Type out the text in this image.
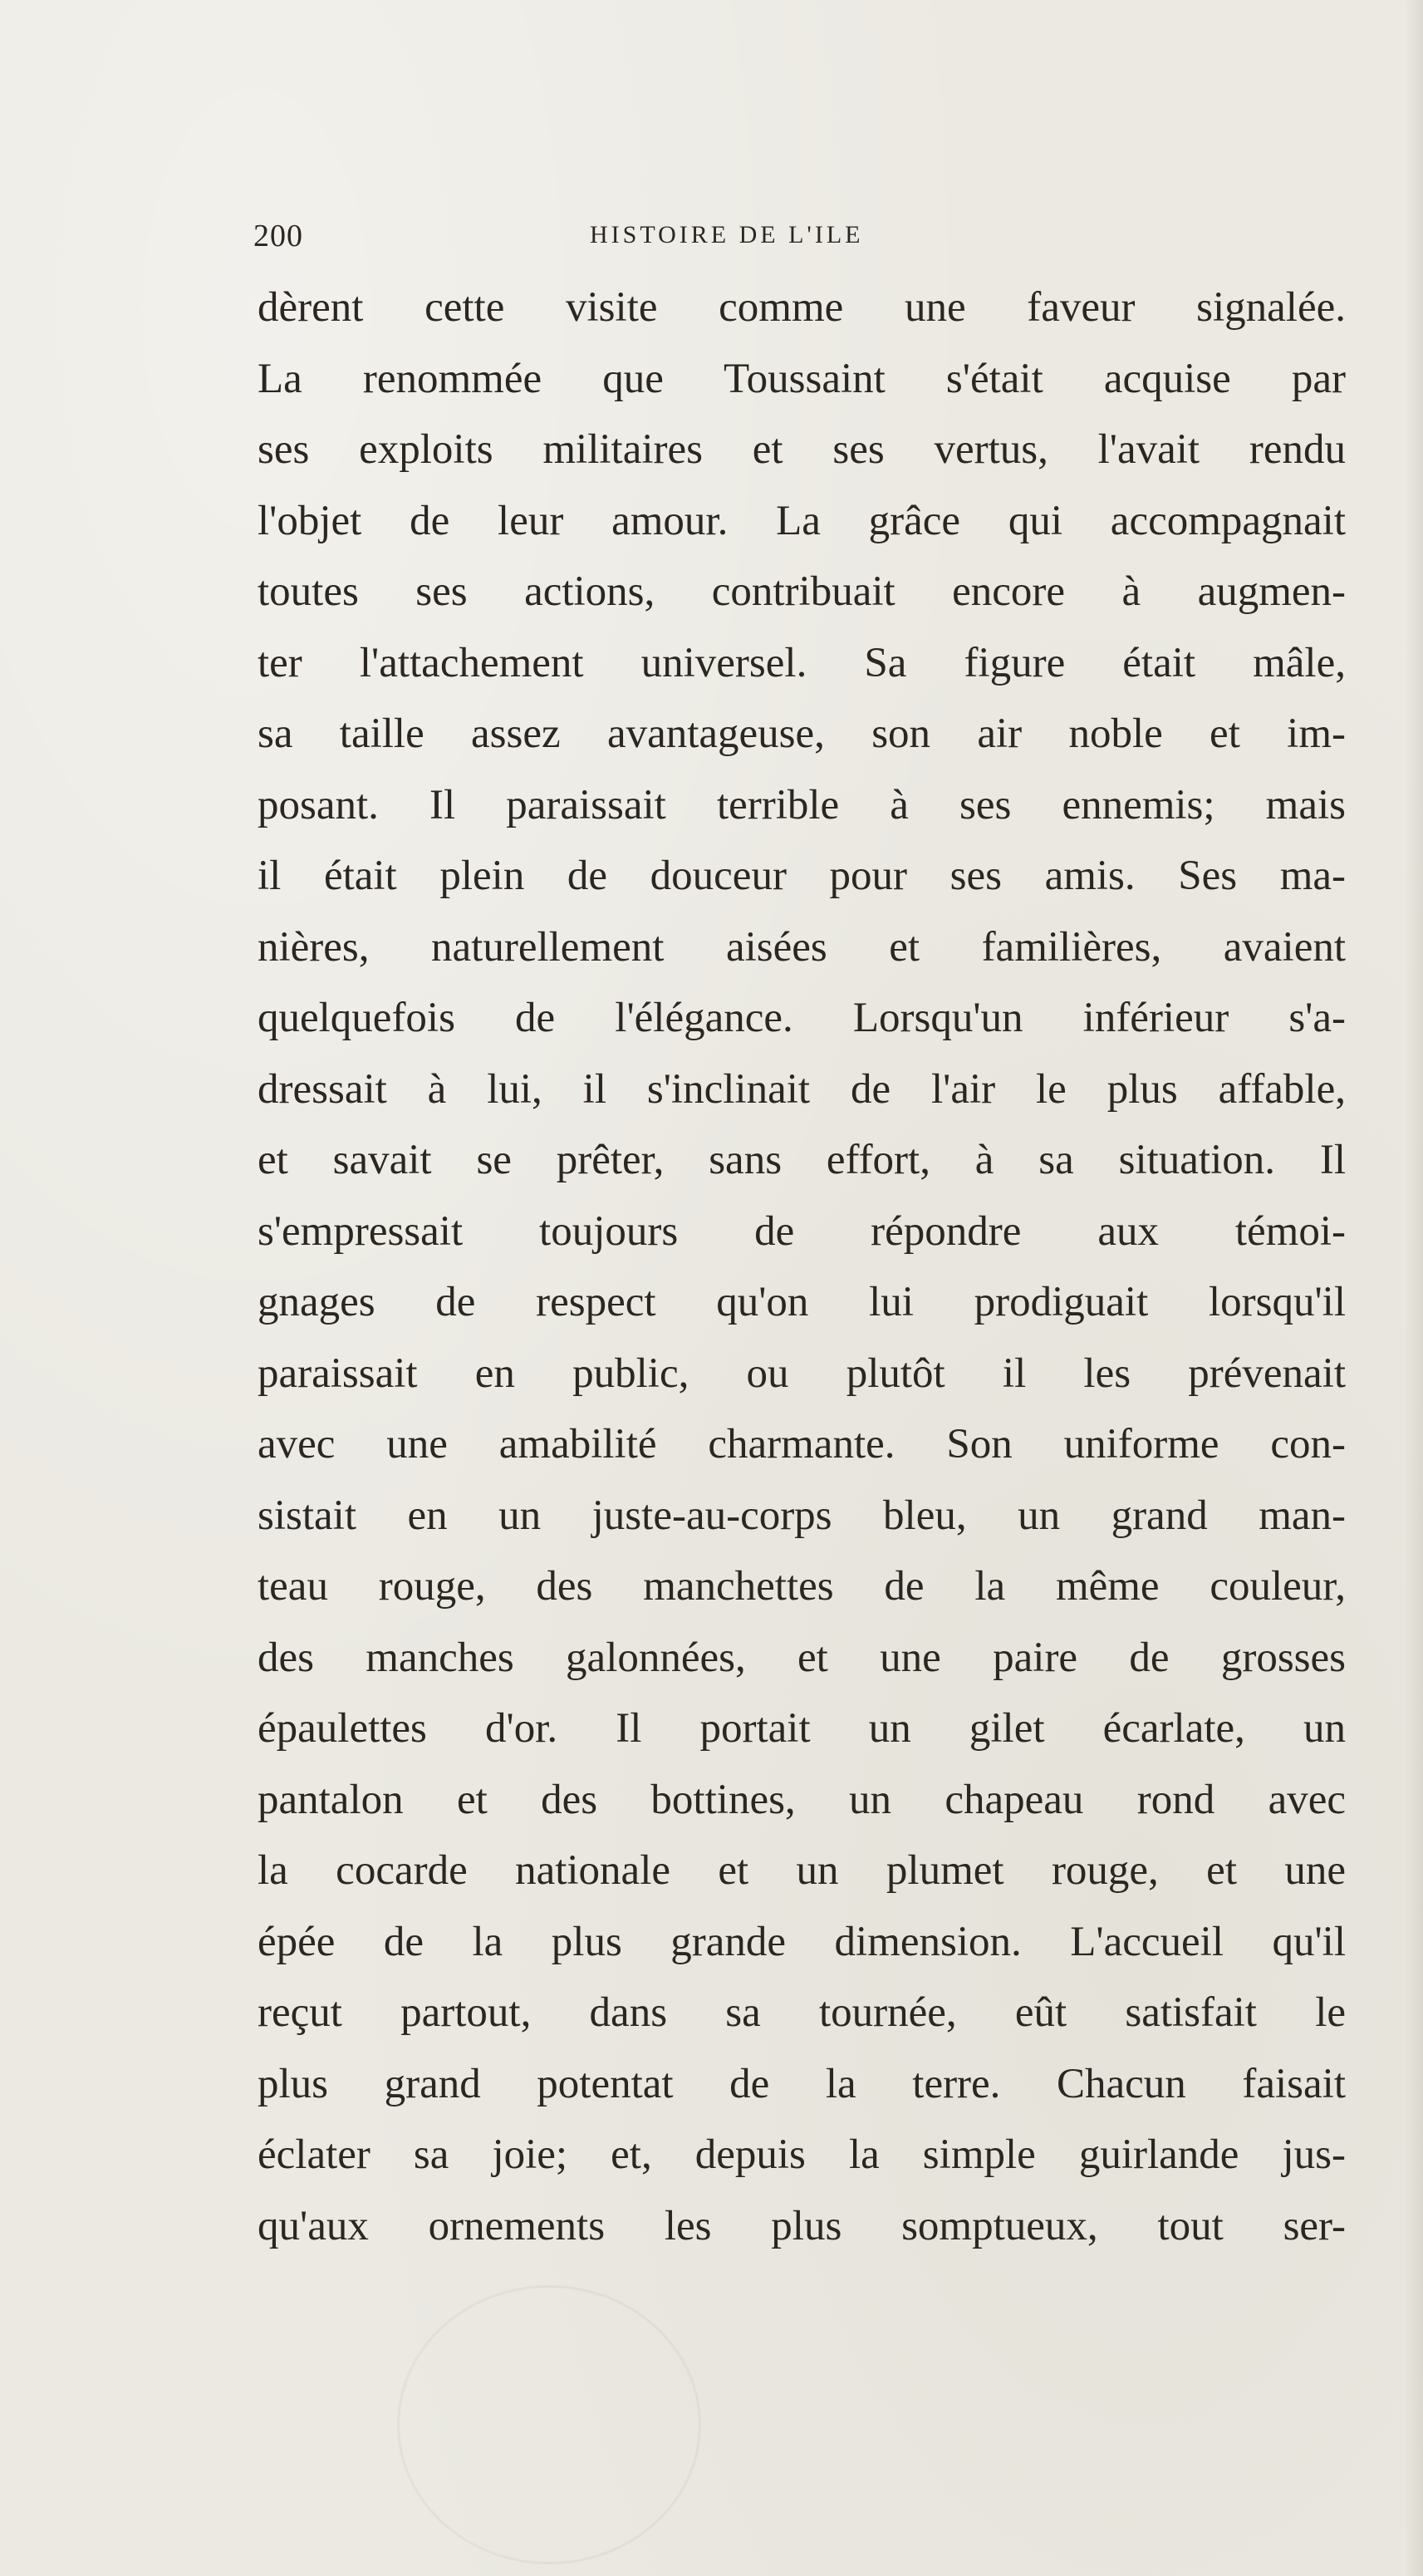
200	HISTOIRE DE L'ILE
dèrent cette visite comme une faveur signalée.
La renommée que Toussaint s'était acquise par
ses exploits militaires et ses vertus, l'avait rendu
l'objet de leur amour. La grâce qui accompagnait
toutes ses actions, contribuait encore à augmen-
ter l'attachement universel. Sa figure était mâle,
sa taille assez avantageuse, son air noble et im-
posant. Il paraissait terrible à ses ennemis; mais
il était plein de douceur pour ses amis. Ses ma-
nières, naturellement aisées et familières, avaient
quelquefois de l'élégance. Lorsqu'un inférieur s'a-
dressait à lui, il s'inclinait de l'air le plus affable,
et savait se prêter, sans effort, à sa situation. Il
s'empressait toujours de répondre aux témoi-
gnages de respect qu'on lui prodiguait lorsqu'il
paraissait en public, ou plutôt il les prévenait
avec une amabilité charmante. Son uniforme con-
sistait en un juste-au-corps bleu, un grand man-
teau rouge, des manchettes de la même couleur,
des manches galonnées, et une paire de grosses
épaulettes d'or. Il portait un gilet écarlate, un
pantalon et des bottines, un chapeau rond avec
la cocarde nationale et un plumet rouge, et une
épée de la plus grande dimension. L'accueil qu'il
reçut partout, dans sa tournée, eût satisfait le
plus grand potentat de la terre. Chacun faisait
éclater sa joie; et, depuis la simple guirlande jus-
qu'aux ornements les plus somptueux, tout ser-
